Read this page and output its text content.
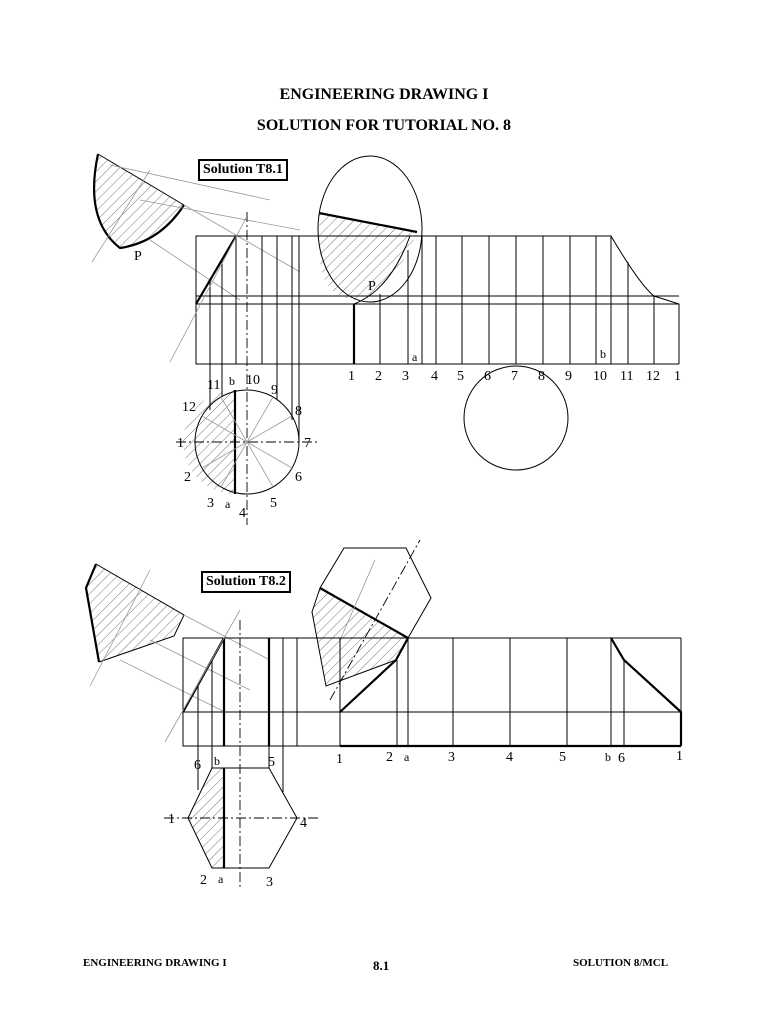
ENGINEERING DRAWING I
SOLUTION FOR TUTORIAL NO. 8
Solution T8.1
Solution T8.2
P
1
2
3
4
5
6
7
8
9
10
11
12
b
a
P
1 2 3 4 5 6 7 8 9 10 11 12 1
a	b
1
2	3
4
5
6 b
a
1	2	3	4	5	6	1
a	b
ENGINEERING DRAWING I	8.1	SOLUTION 8/MCL
